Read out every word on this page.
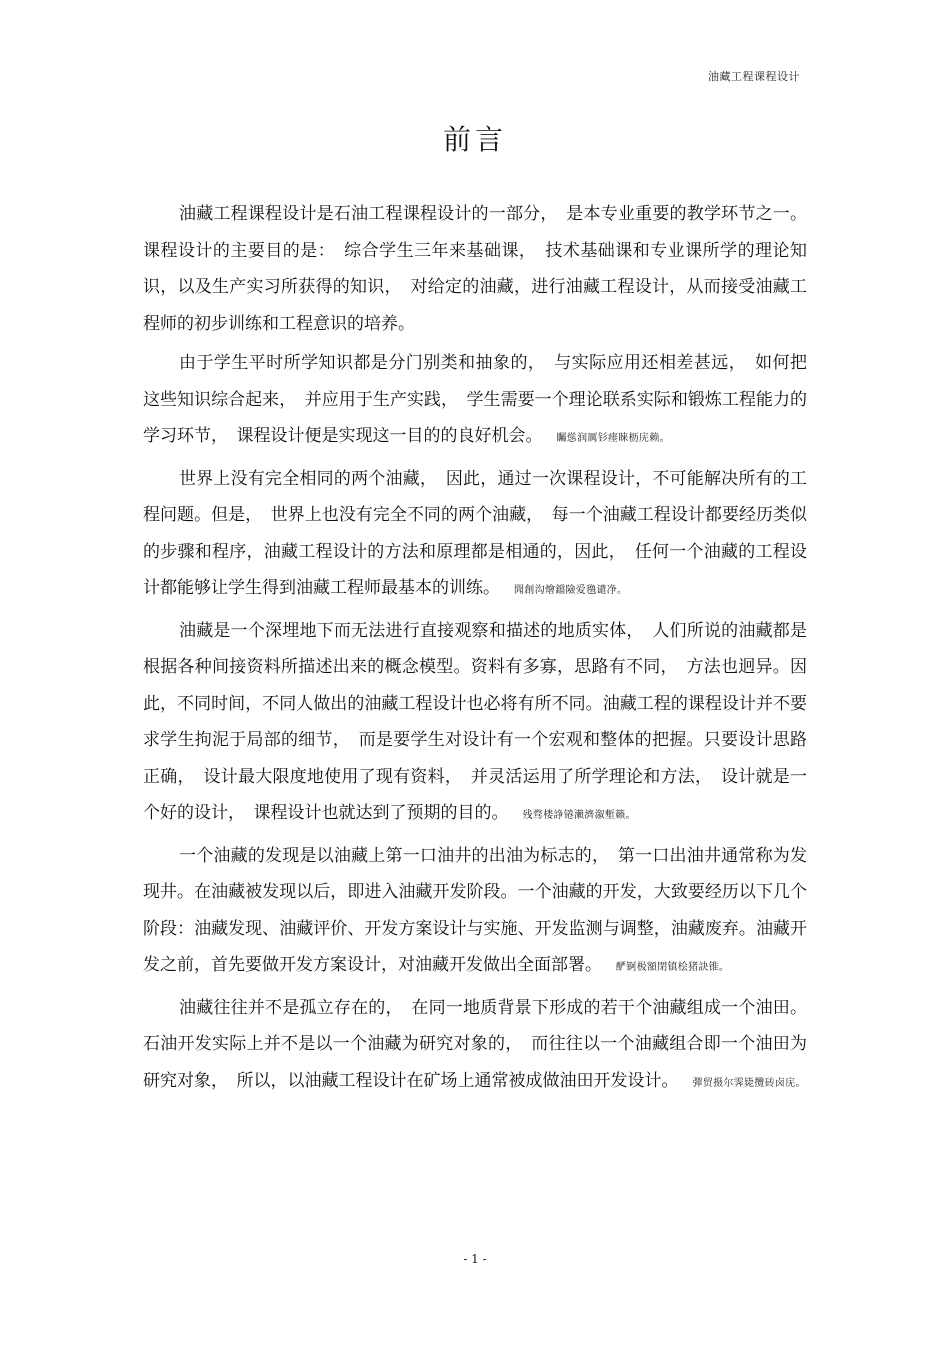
油藏工程课程设计
前言

油藏工程课程设计是石油工程课程设计的一部分，　是本专业重要的教学环节之一。课程设计的主要目的是：　综合学生三年来基础课，　技术基础课和专业课所学的理论知识，以及生产实习所获得的知识，　对给定的油藏，进行油藏工程设计，从而接受油藏工程师的初步训练和工程意识的培养。

由于学生平时所学知识都是分门别类和抽象的，　与实际应用还相差甚远，　如何把这些知识综合起来，　并应用于生产实践，　学生需要一个理论联系实际和锻炼工程能力的学习环节，　课程设计便是实现这一目的的良好机会。 矚慫润厲钐瘗睞枥庑赖。

世界上没有完全相同的两个油藏，　因此，通过一次课程设计，不可能解决所有的工程问题。但是，　世界上也没有完全不同的两个油藏，　每一个油藏工程设计都要经历类似的步骤和程序，油藏工程设计的方法和原理都是相通的，因此，　任何一个油藏的工程设计都能够让学生得到油藏工程师最基本的训练。 聞創沟燴鐺險爱氇谴净。

油藏是一个深埋地下而无法进行直接观察和描述的地质实体，　人们所说的油藏都是根据各种间接资料所描述出来的概念模型。资料有多寡，思路有不同，　方法也迥异。因此，不同时间，不同人做出的油藏工程设计也必将有所不同。油藏工程的课程设计并不要求学生拘泥于局部的细节，　而是要学生对设计有一个宏观和整体的把握。只要设计思路正确，　设计最大限度地使用了现有资料，　并灵活运用了所学理论和方法，　设计就是一个好的设计，　课程设计也就达到了预期的目的。 残骛楼諍锩瀨濟溆塹籟。

一个油藏的发现是以油藏上第一口油井的出油为标志的，　第一口出油井通常称为发现井。在油藏被发现以后，即进入油藏开发阶段。一个油藏的开发，大致要经历以下几个阶段：油藏发现、油藏评价、开发方案设计与实施、开发监测与调整，油藏废弃。油藏开发之前，首先要做开发方案设计，对油藏开发做出全面部署。 酽锕极額閉镇桧猪訣锥。

油藏往往并不是孤立存在的，　在同一地质背景下形成的若干个油藏组成一个油田。石油开发实际上并不是以一个油藏为研究对象的，　而往往以一个油藏组合即一个油田为研究对象，　所以，以油藏工程设计在矿场上通常被成做油田开发设计。 彈贸摄尔霁毙攬砖卤庑。

- 1 -
